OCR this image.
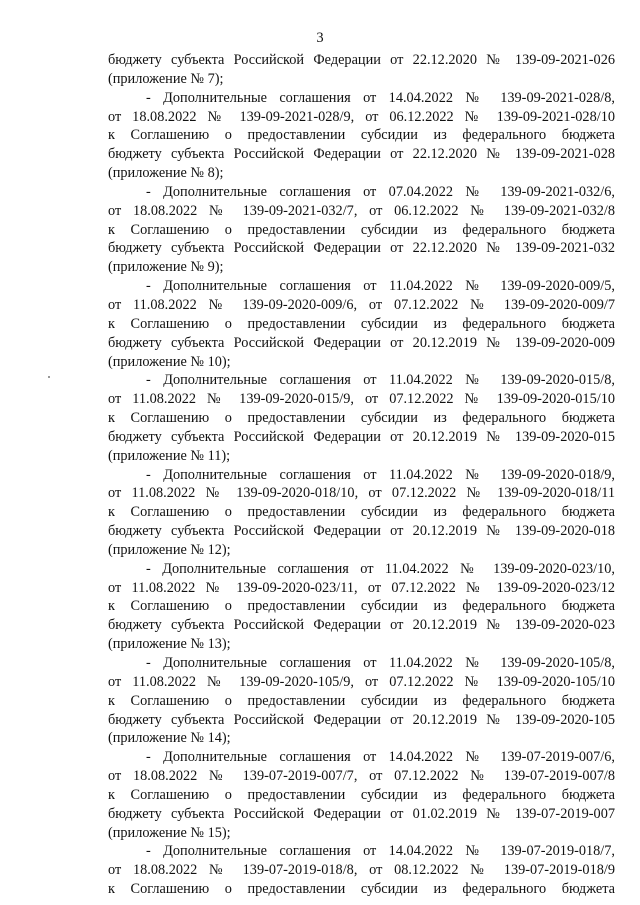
3
бюджету субъекта Российской Федерации от 22.12.2020 № 139-09-2021-026
(приложение № 7);
- Дополнительные соглашения от 14.04.2022 № 139-09-2021-028/8,
от 18.08.2022 № 139-09-2021-028/9, от 06.12.2022 № 139-09-2021-028/10
к Соглашению о предоставлении субсидии из федерального бюджета
бюджету субъекта Российской Федерации от 22.12.2020 № 139-09-2021-028
(приложение № 8);
- Дополнительные соглашения от 07.04.2022 № 139-09-2021-032/6,
от 18.08.2022 № 139-09-2021-032/7, от 06.12.2022 № 139-09-2021-032/8
к Соглашению о предоставлении субсидии из федерального бюджета
бюджету субъекта Российской Федерации от 22.12.2020 № 139-09-2021-032
(приложение № 9);
- Дополнительные соглашения от 11.04.2022 № 139-09-2020-009/5,
от 11.08.2022 № 139-09-2020-009/6, от 07.12.2022 № 139-09-2020-009/7
к Соглашению о предоставлении субсидии из федерального бюджета
бюджету субъекта Российской Федерации от 20.12.2019 № 139-09-2020-009
(приложение № 10);
- Дополнительные соглашения от 11.04.2022 № 139-09-2020-015/8,
от 11.08.2022 № 139-09-2020-015/9, от 07.12.2022 № 139-09-2020-015/10
к Соглашению о предоставлении субсидии из федерального бюджета
бюджету субъекта Российской Федерации от 20.12.2019 № 139-09-2020-015
(приложение № 11);
- Дополнительные соглашения от 11.04.2022 № 139-09-2020-018/9,
от 11.08.2022 № 139-09-2020-018/10, от 07.12.2022 № 139-09-2020-018/11
к Соглашению о предоставлении субсидии из федерального бюджета
бюджету субъекта Российской Федерации от 20.12.2019 № 139-09-2020-018
(приложение № 12);
- Дополнительные соглашения от 11.04.2022 № 139-09-2020-023/10,
от 11.08.2022 № 139-09-2020-023/11, от 07.12.2022 № 139-09-2020-023/12
к Соглашению о предоставлении субсидии из федерального бюджета
бюджету субъекта Российской Федерации от 20.12.2019 № 139-09-2020-023
(приложение № 13);
- Дополнительные соглашения от 11.04.2022 № 139-09-2020-105/8,
от 11.08.2022 № 139-09-2020-105/9, от 07.12.2022 № 139-09-2020-105/10
к Соглашению о предоставлении субсидии из федерального бюджета
бюджету субъекта Российской Федерации от 20.12.2019 № 139-09-2020-105
(приложение № 14);
- Дополнительные соглашения от 14.04.2022 № 139-07-2019-007/6,
от 18.08.2022 № 139-07-2019-007/7, от 07.12.2022 № 139-07-2019-007/8
к Соглашению о предоставлении субсидии из федерального бюджета
бюджету субъекта Российской Федерации от 01.02.2019 № 139-07-2019-007
(приложение № 15);
- Дополнительные соглашения от 14.04.2022 № 139-07-2019-018/7,
от 18.08.2022 № 139-07-2019-018/8, от 08.12.2022 № 139-07-2019-018/9
к Соглашению о предоставлении субсидии из федерального бюджета
